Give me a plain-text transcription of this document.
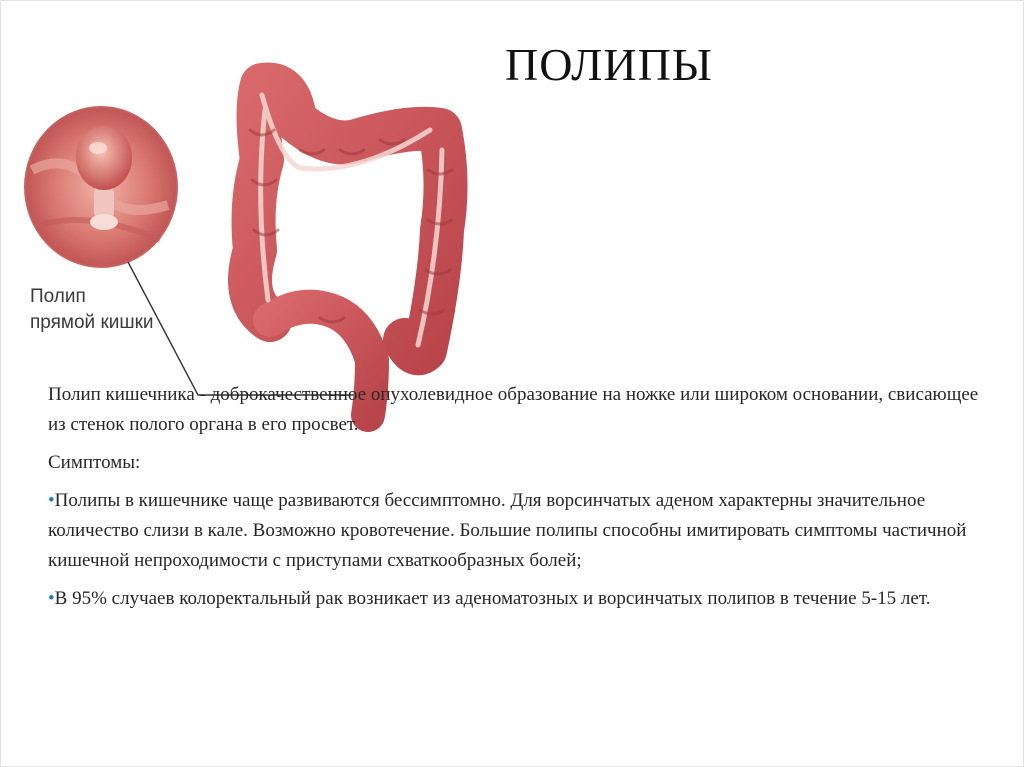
Полип
прямой кишки
ПОЛИПЫ

Полип кишечника - доброкачественное опухолевидное образование на ножке или широком основании, свисающее из стенок полого органа в его просвет.

Симптомы:

•Полипы в кишечнике чаще развиваются бессимптомно. Для ворсинчатых аденом характерны значительное количество слизи в кале. Возможно кровотечение. Большие полипы способны имитировать симптомы частичной кишечной непроходимости с приступами схваткообразных болей;

•В 95% случаев колоректальный рак возникает из аденоматозных и ворсинчатых полипов в течение 5-15 лет.
